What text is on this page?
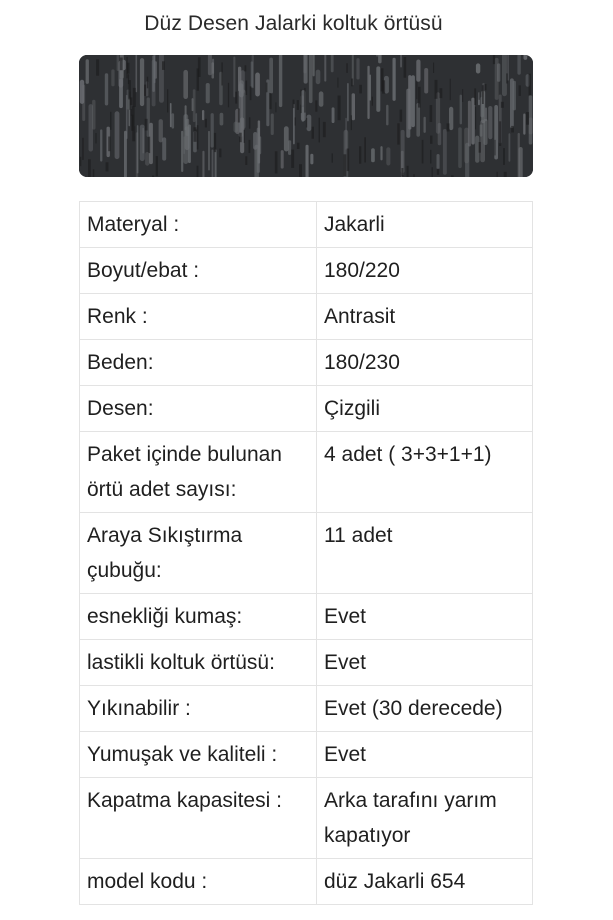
Düz Desen Jalarki koltuk örtüsü
Materyal :	Jakarli
Boyut/ebat :	180/220
Renk :	Antrasit
Beden:	180/230
Desen:	Çizgili
Paket içinde bulunan örtü adet sayısı:	4 adet ( 3+3+1+1)
Araya Sıkıştırma çubuğu:	11 adet
esnekliği kumaş:	Evet
lastikli koltuk örtüsü:	Evet
Yıkınabilir :	Evet (30 derecede)
Yumuşak ve kaliteli :	Evet
Kapatma kapasitesi :	Arka tarafını yarım kapatıyor
model kodu :	düz Jakarli 654
